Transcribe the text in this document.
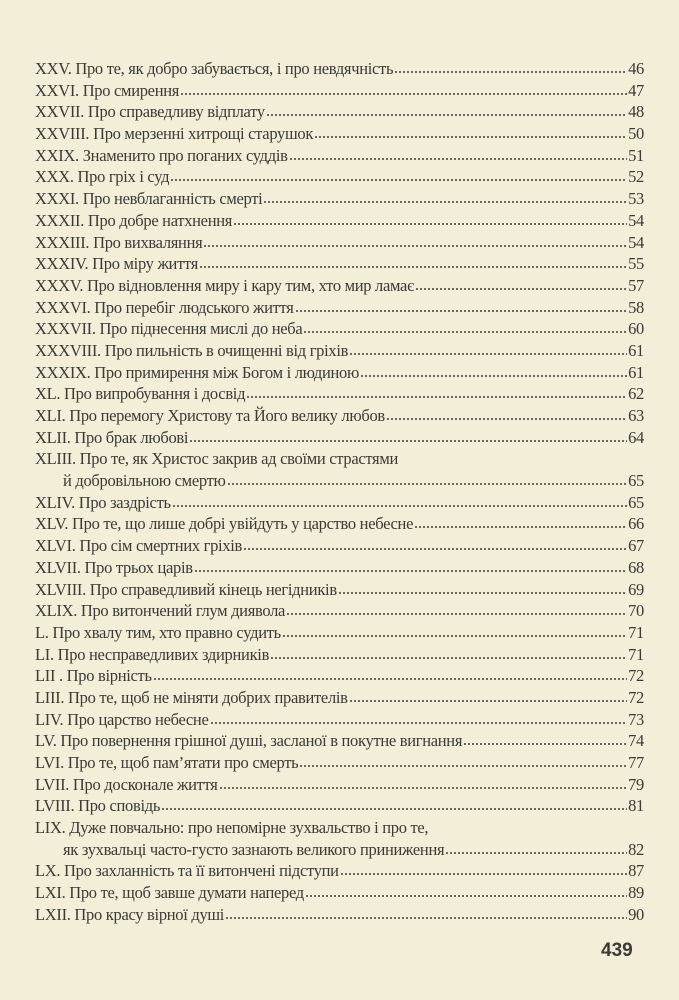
XXV. Про те, як добро забувається, і про невдячність	46
XXVI. Про смирення	47
XXVII. Про справедливу відплату	48
XXVIII. Про мерзенні хитрощі старушок	50
XXIX. Знаменито про поганих суддів	51
XXX. Про гріх і суд	52
XXXI. Про невблаганність смерті	53
XXXII. Про добре натхнення	54
XXXIII. Про вихваляння	54
XXXIV. Про міру життя	55
XXXV. Про відновлення миру і кару тим, хто мир ламає	57
XXXVI. Про перебіг людського життя	58
XXXVII. Про піднесення мислі до неба	60
XXXVIII. Про пильність в очищенні від гріхів	61
XXXIX. Про примирення між Богом і людиною	61
XL. Про випробування і досвід	62
XLI. Про перемогу Христову та Його велику любов	63
XLII. Про брак любові	64
XLIII. Про те, як Христос закрив ад своїми страстями
й добровільною смертю	65
XLIV. Про заздрість	65
XLV. Про те, що лише добрі увійдуть у царство небесне	66
XLVI. Про сім смертних гріхів	67
XLVII. Про трьох царів	68
XLVIII. Про справедливий кінець негідників	69
XLIX. Про витончений глум диявола	70
L. Про хвалу тим, хто правно судить	71
LI. Про несправедливих здирників	71
LII . Про вірність	72
LIII. Про те, щоб не міняти добрих правителів	72
LIV. Про царство небесне	73
LV. Про повернення грішної душі, засланої в покутне вигнання	74
LVI. Про те, щоб пам’ятати про смерть	77
LVII. Про досконале життя	79
LVIII. Про сповідь	81
LIX. Дуже повчально: про непомірне зухвальство і про те,
як зухвальці часто-густо зазнають великого приниження	82
LX. Про захланність та її витончені підступи	87
LXI. Про те, щоб завше думати наперед	89
LXII. Про красу вірної душі	90
439
